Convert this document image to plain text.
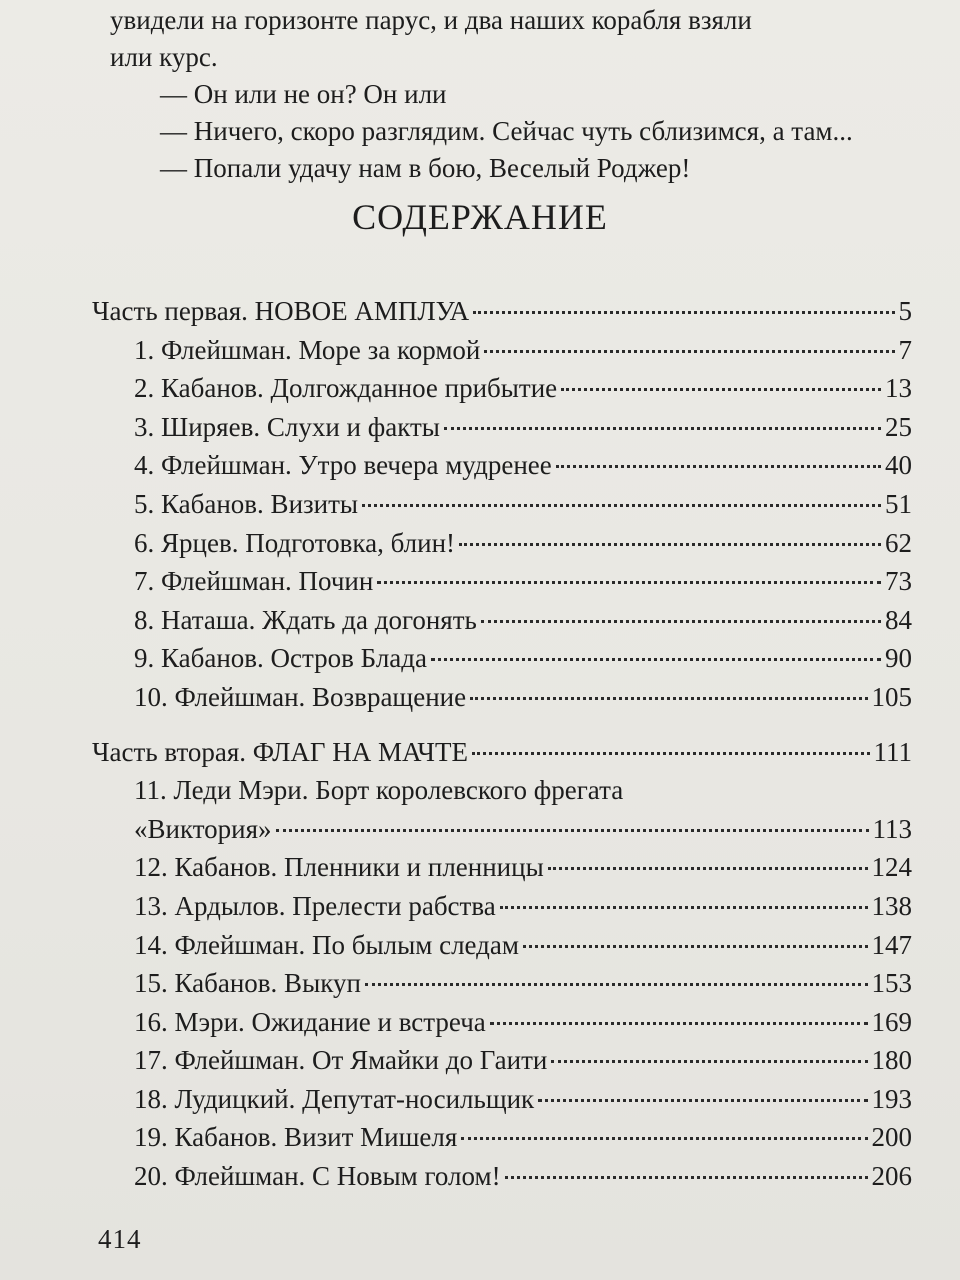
увидели на горизонте парус, и два наших корабля взяли

или курс.

— Он или не он? Он или

— Ничего, скоро разглядим. Сейчас чуть сблизимся, а там...

— Попали удачу нам в бою, Веселый Роджер!

СОДЕРЖАНИЕ
Часть первая. НОВОЕ АМПЛУА	5
1. Флейшман. Море за кормой	7
2. Кабанов. Долгожданное прибытие	13
3. Ширяев. Слухи и факты	25
4. Флейшман. Утро вечера мудренее	40
5. Кабанов. Визиты	51
6. Ярцев. Подготовка, блин!	62
7. Флейшман. Почин	73
8. Наташа. Ждать да догонять	84
9. Кабанов. Остров Блада	90
10. Флейшман. Возвращение	105
Часть вторая. ФЛАГ НА МАЧТЕ	111
11. Леди Мэри. Борт королевского фрегата
«Виктория»	113
12. Кабанов. Пленники и пленницы	124
13. Ардылов. Прелести рабства	138
14. Флейшман. По былым следам	147
15. Кабанов. Выкуп	153
16. Мэри. Ожидание и встреча	169
17. Флейшман. От Ямайки до Гаити	180
18. Лудицкий. Депутат-носильщик	193
19. Кабанов. Визит Мишеля	200
20. Флейшман. С Новым голом!	206
414
